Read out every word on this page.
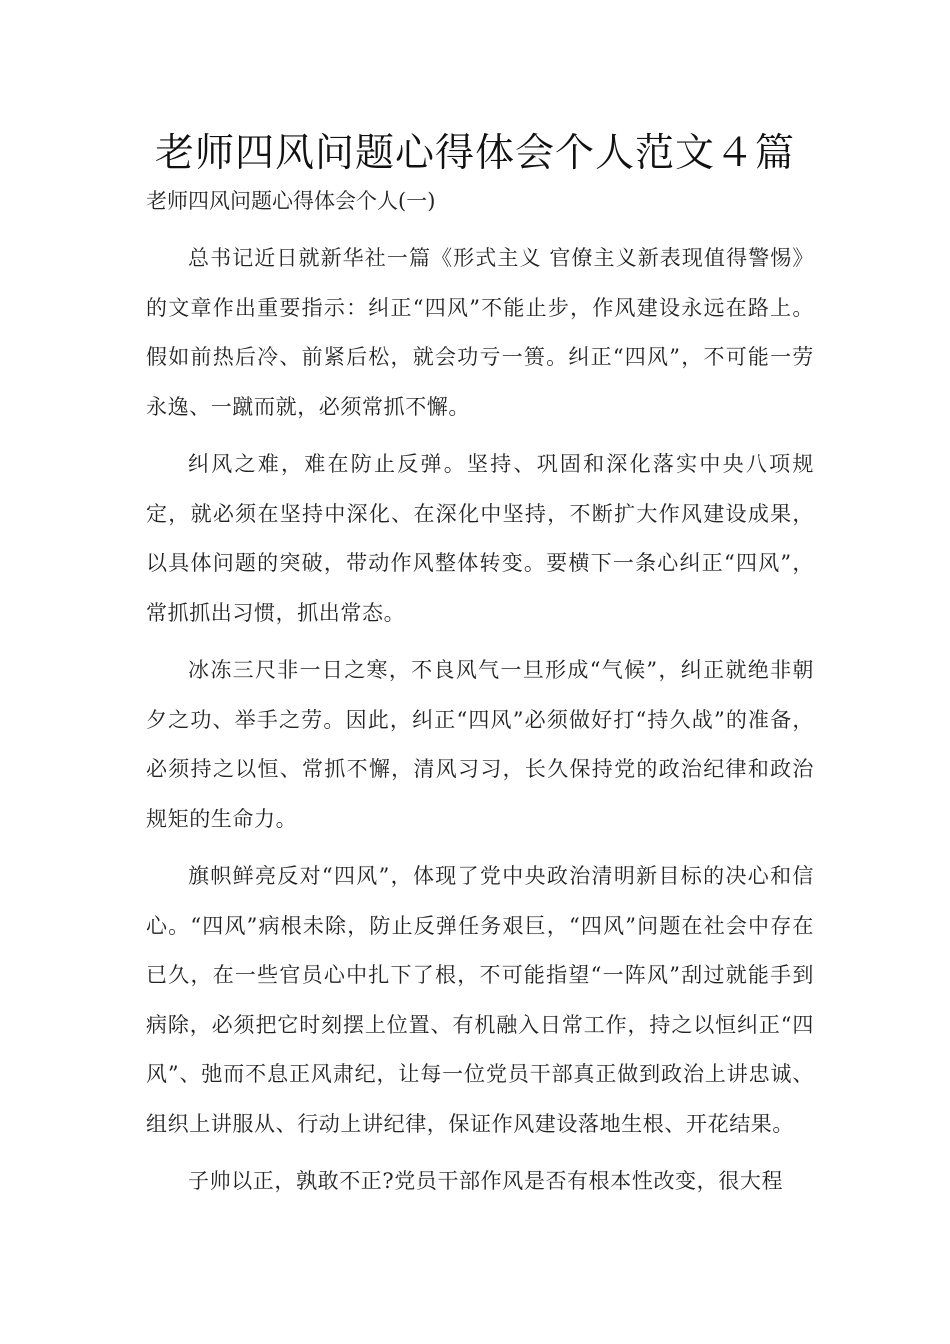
老师四风问题心得体会个人范文４篇

老师四风问题心得体会个人(一)

总书记近日就新华社一篇《形式主义 官僚主义新表现值得警惕》的文章作出重要指示：纠正“四风”不能止步，作风建设永远在路上。假如前热后冷、前紧后松，就会功亏一篑。纠正“四风”，不可能一劳永逸、一蹴而就，必须常抓不懈。

纠风之难，难在防止反弹。坚持、巩固和深化落实中央八项规定，就必须在坚持中深化、在深化中坚持，不断扩大作风建设成果，以具体问题的突破，带动作风整体转变。要横下一条心纠正“四风”，常抓抓出习惯，抓出常态。

冰冻三尺非一日之寒，不良风气一旦形成“气候”，纠正就绝非朝夕之功、举手之劳。因此，纠正“四风”必须做好打“持久战”的准备，必须持之以恒、常抓不懈，清风习习，长久保持党的政治纪律和政治规矩的生命力。

旗帜鲜亮反对“四风”，体现了党中央政治清明新目标的决心和信心。“四风”病根未除，防止反弹任务艰巨，“四风”问题在社会中存在已久，在一些官员心中扎下了根，不可能指望“一阵风”刮过就能手到病除，必须把它时刻摆上位置、有机融入日常工作，持之以恒纠正“四风”、弛而不息正风肃纪，让每一位党员干部真正做到政治上讲忠诚、组织上讲服从、行动上讲纪律，保证作风建设落地生根、开花结果。

子帅以正，孰敢不正?党员干部作风是否有根本性改变，很大程
